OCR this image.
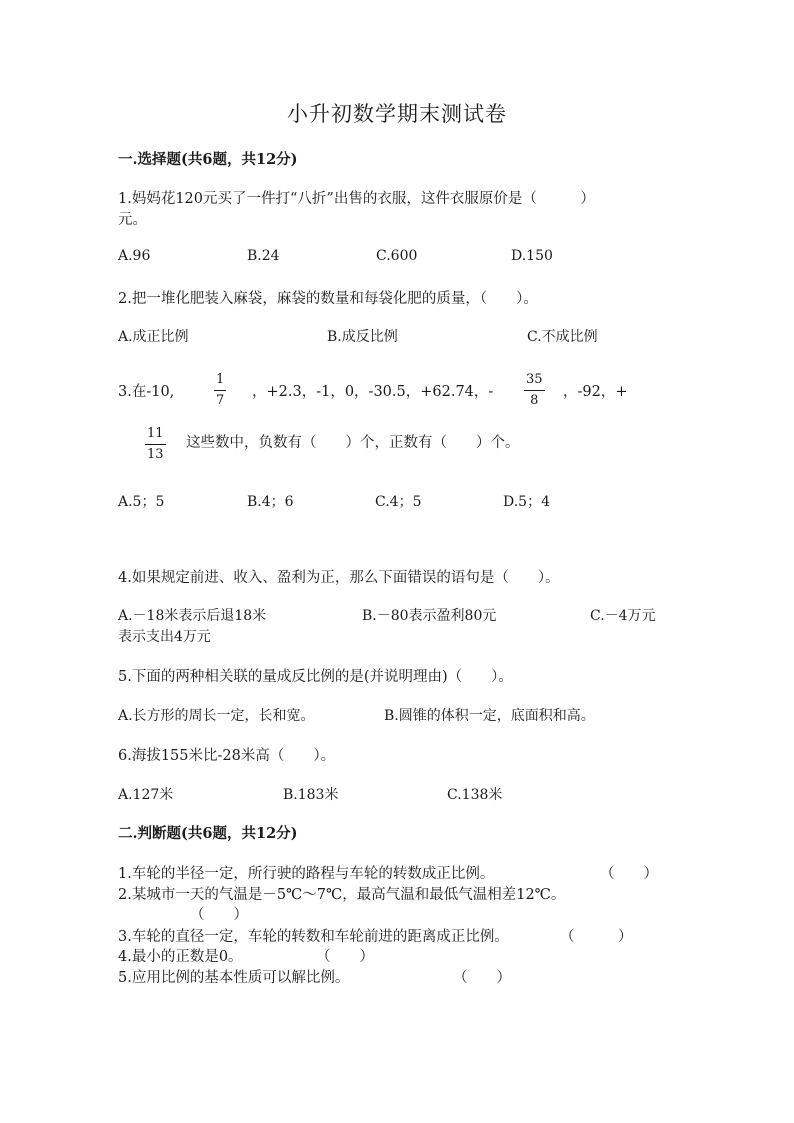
小升初数学期末测试卷
一.选择题(共6题，共12分)
1.妈妈花120元买了一件打“八折”出售的衣服，这件衣服原价是（　　　）
元。
A.96	B.24	C.600	D.150
2.把一堆化肥装入麻袋，麻袋的数量和每袋化肥的质量，（　　）。
A.成正比例	B.成反比例	C.不成比例
3.在-10,
1
7
，+2.3，-1，0，-30.5，+62.74，-
35
8
，-92，+
11
13
这些数中，负数有（　　）个，正数有（　　）个。
A.5；5	B.4；6	C.4；5	D.5；4
4.如果规定前进、收入、盈利为正，那么下面错误的语句是（　　）。
A.－18米表示后退18米	B.－80表示盈利80元	C.－4万元
表示支出4万元
5.下面的两种相关联的量成反比例的是(并说明理由)（　　）。
A.长方形的周长一定，长和宽。	B.圆锥的体积一定，底面积和高。
6.海拔155米比-28米高（　　）。
A.127米	B.183米	C.138米
二.判断题(共6题，共12分)
1.车轮的半径一定，所行驶的路程与车轮的转数成正比例。	（　　）
2.某城市一天的气温是－5℃～7℃，最高气温和最低气温相差12℃。
（　　）
3.车轮的直径一定，车轮的转数和车轮前进的距离成正比例。	（　　　）
4.最小的正数是0。	（　　）
5.应用比例的基本性质可以解比例。	（　　）
